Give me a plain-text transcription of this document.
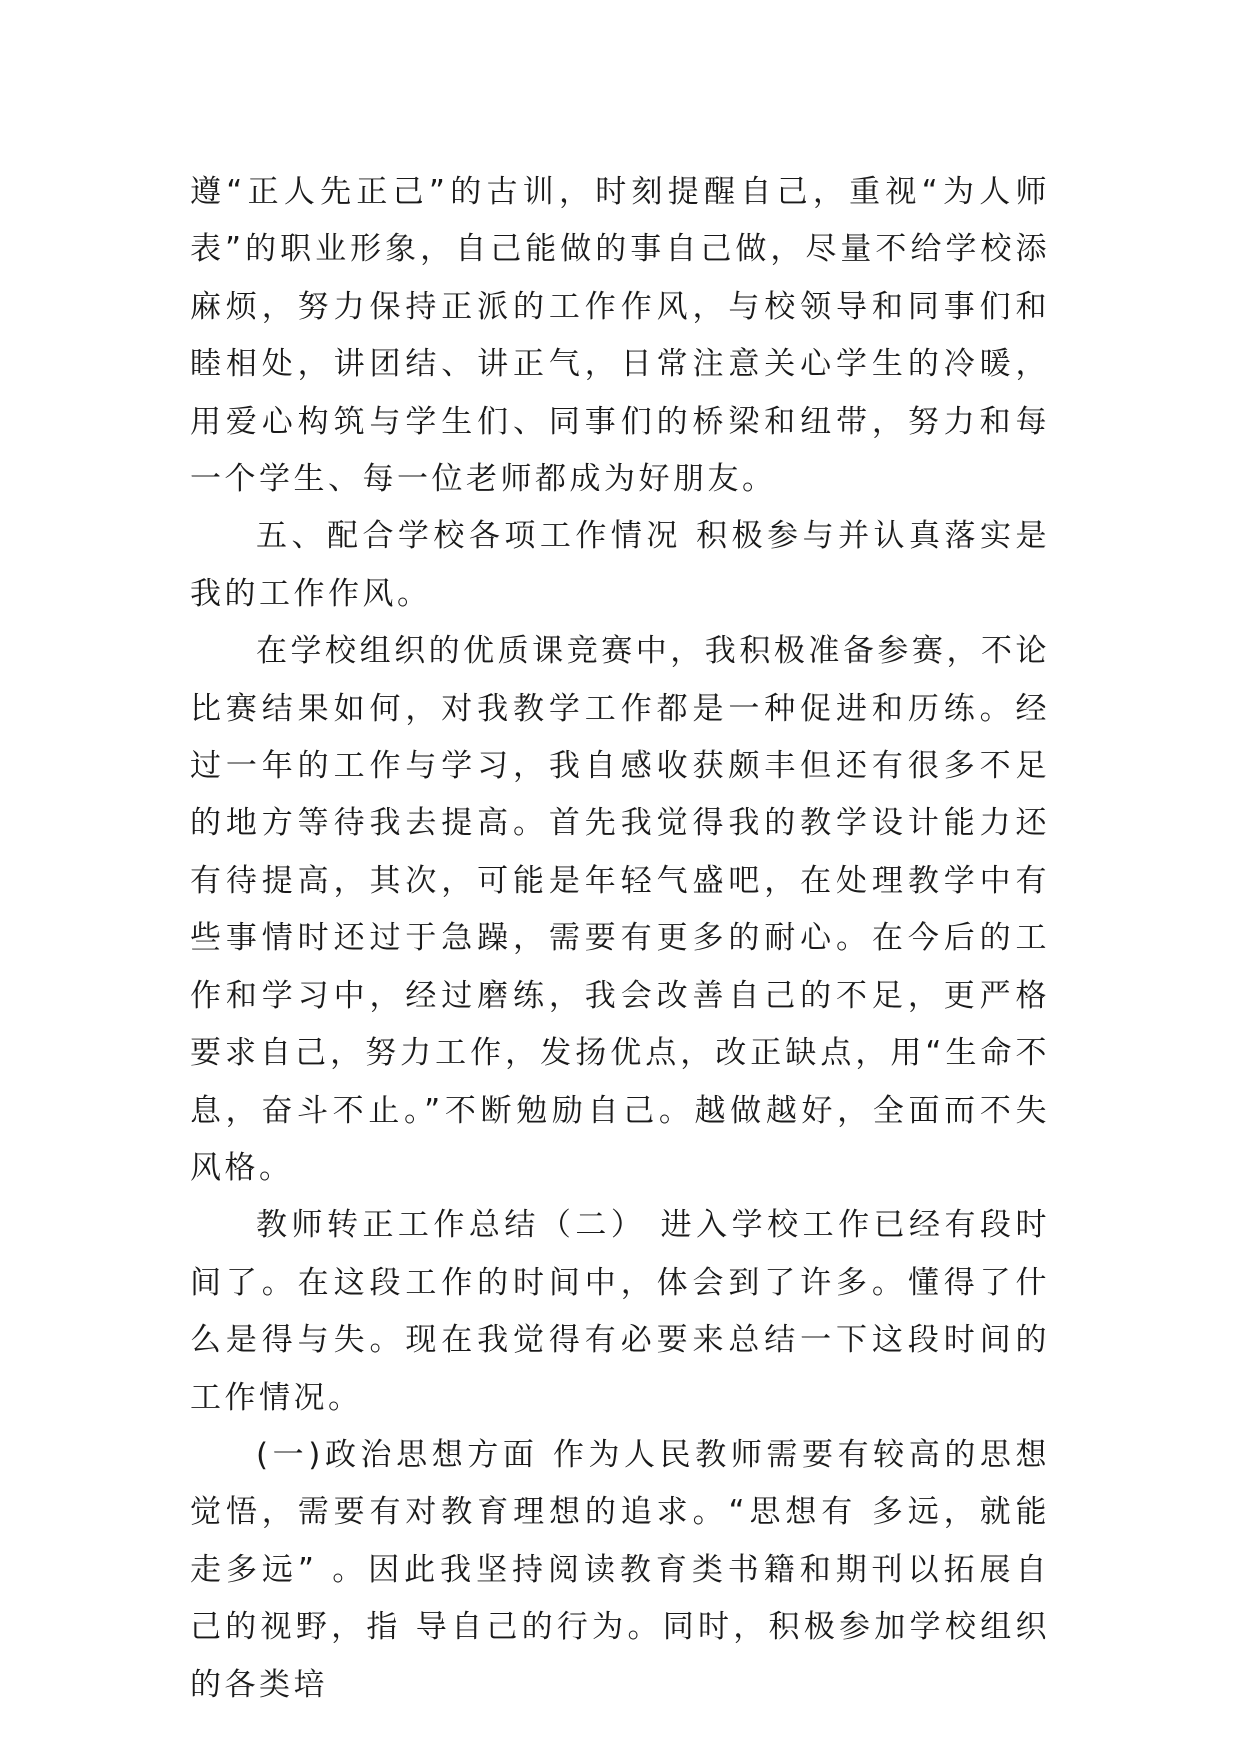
遵“正人先正己”的古训，时刻提醒自己，重视“为人师表”的职业形象，自己能做的事自己做，尽量不给学校添麻烦，努力保持正派的工作作风，与校领导和同事们和睦相处，讲团结、讲正气，日常注意关心学生的冷暖，用爱心构筑与学生们、同事们的桥梁和纽带，努力和每一个学生、每一位老师都成为好朋友。

五、配合学校各项工作情况 积极参与并认真落实是我的工作作风。

在学校组织的优质课竞赛中，我积极准备参赛，不论比赛结果如何，对我教学工作都是一种促进和历练。经过一年的工作与学习，我自感收获颇丰但还有很多不足的地方等待我去提高。首先我觉得我的教学设计能力还有待提高，其次，可能是年轻气盛吧，在处理教学中有些事情时还过于急躁，需要有更多的耐心。在今后的工作和学习中，经过磨练，我会改善自己的不足，更严格要求自己，努力工作，发扬优点，改正缺点，用“生命不息，奋斗不止。”不断勉励自己。越做越好，全面而不失风格。

教师转正工作总结（二） 进入学校工作已经有段时间了。在这段工作的时间中，体会到了许多。懂得了什么是得与失。现在我觉得有必要来总结一下这段时间的工作情况。

(一)政治思想方面 作为人民教师需要有较高的思想觉悟，需要有对教育理想的追求。“思想有 多远，就能走多远” 。因此我坚持阅读教育类书籍和期刊以拓展自己的视野，指 导自己的行为。同时，积极参加学校组织的各类培
